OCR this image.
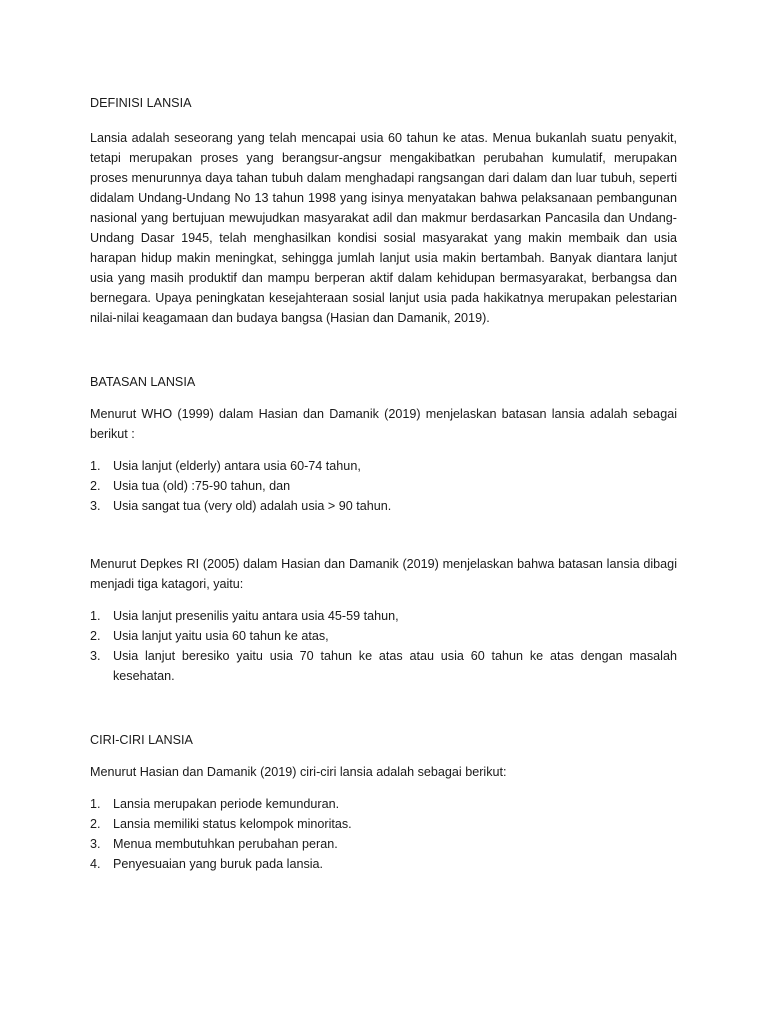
DEFINISI LANSIA

Lansia adalah seseorang yang telah mencapai usia 60 tahun ke atas. Menua bukanlah suatu penyakit, tetapi merupakan proses yang berangsur-angsur mengakibatkan perubahan kumulatif, merupakan proses menurunnya daya tahan tubuh dalam menghadapi rangsangan dari dalam dan luar tubuh, seperti didalam Undang-Undang No 13 tahun 1998 yang isinya menyatakan bahwa pelaksanaan pembangunan nasional yang bertujuan mewujudkan masyarakat adil dan makmur berdasarkan Pancasila dan Undang-Undang Dasar 1945, telah menghasilkan kondisi sosial masyarakat yang makin membaik dan usia harapan hidup makin meningkat, sehingga jumlah lanjut usia makin bertambah. Banyak diantara lanjut usia yang masih produktif dan mampu berperan aktif dalam kehidupan bermasyarakat, berbangsa dan bernegara. Upaya peningkatan kesejahteraan sosial lanjut usia pada hakikatnya merupakan pelestarian nilai-nilai keagamaan dan budaya bangsa (Hasian dan Damanik, 2019).

BATASAN LANSIA

Menurut WHO (1999) dalam Hasian dan Damanik (2019) menjelaskan batasan lansia adalah sebagai berikut :

1. Usia lanjut (elderly) antara usia 60-74 tahun,
2. Usia tua (old) :75-90 tahun, dan
3. Usia sangat tua (very old) adalah usia > 90 tahun.

Menurut Depkes RI (2005) dalam Hasian dan Damanik (2019) menjelaskan bahwa batasan lansia dibagi menjadi tiga katagori, yaitu:

1. Usia lanjut presenilis yaitu antara usia 45-59 tahun,
2. Usia lanjut yaitu usia 60 tahun ke atas,
3. Usia lanjut beresiko yaitu usia 70 tahun ke atas atau usia 60 tahun ke atas dengan masalah kesehatan.
CIRI-CIRI LANSIA

Menurut Hasian dan Damanik (2019) ciri-ciri lansia adalah sebagai berikut:

1. Lansia merupakan periode kemunduran.
2. Lansia memiliki status kelompok minoritas.
3. Menua membutuhkan perubahan peran.
4. Penyesuaian yang buruk pada lansia.
